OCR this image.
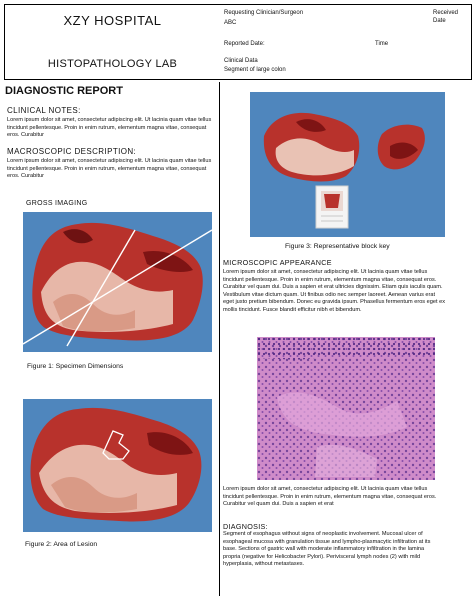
XZY HOSPITAL
HISTOPATHOLOGY LAB
Requesting Clinician/Surgeon
ABC
Received Date
Reported Date:	Time
Clinical Data
Segment of large colon
DIAGNOSTIC REPORT
CLINICAL NOTES:
Lorem ipsum dolor sit amet, consectetur adipiscing elit. Ut lacinia quam vitae tellus tincidunt pellentesque. Proin in enim rutrum, elementum magna vitae, consequat eros. Curabitur
MACROSCOPIC DESCRIPTION:
Lorem ipsum dolor sit amet, consectetur adipiscing elit. Ut lacinia quam vitae tellus tincidunt pellentesque. Proin in enim rutrum, elementum magna vitae, consequat eros. Curabitur
GROSS IMAGING
Figure 1: Specimen Dimensions
Figure 2: Area of Lesion
Figure 3: Representative block key
MICROSCOPIC APPEARANCE
Lorem ipsum dolor sit amet, consectetur adipiscing elit. Ut lacinia quam vitae tellus tincidunt pellentesque. Proin in enim rutrum, elementum magna vitae, consequat eros. Curabitur vel quam dui. Duis a sapien et erat ultricies dignissim. Etiam quis iaculis quam. Vestibulum vitae dictum quam. Ut finibus odio nec semper laoreet. Aenean varius erat eget justo pretium bibendum. Donec eu gravida ipsum. Phasellus fermentum eros eget ex mollis tincidunt. Fusce blandit efficitur nibh et bibendum.
Lorem ipsum dolor sit amet, consectetur adipiscing elit. Ut lacinia quam vitae tellus tincidunt pellentesque. Proin in enim rutrum, elementum magna vitae, consequat eros. Curabitur vel quam dui. Duis a sapien et erat
DIAGNOSIS:
Segment of esophagus without signs of neoplastic involvement. Mucosal ulcer of esophageal mucosa with granulation tissue and lympho-plasmacytic infiltration at its base. Sections of gastric wall with moderate inflammatory infiltration in the lamina propria (negative for Helicobacter Pylori). Perivisceral lymph nodes (2) with mild hyperplasia, without metastases.
